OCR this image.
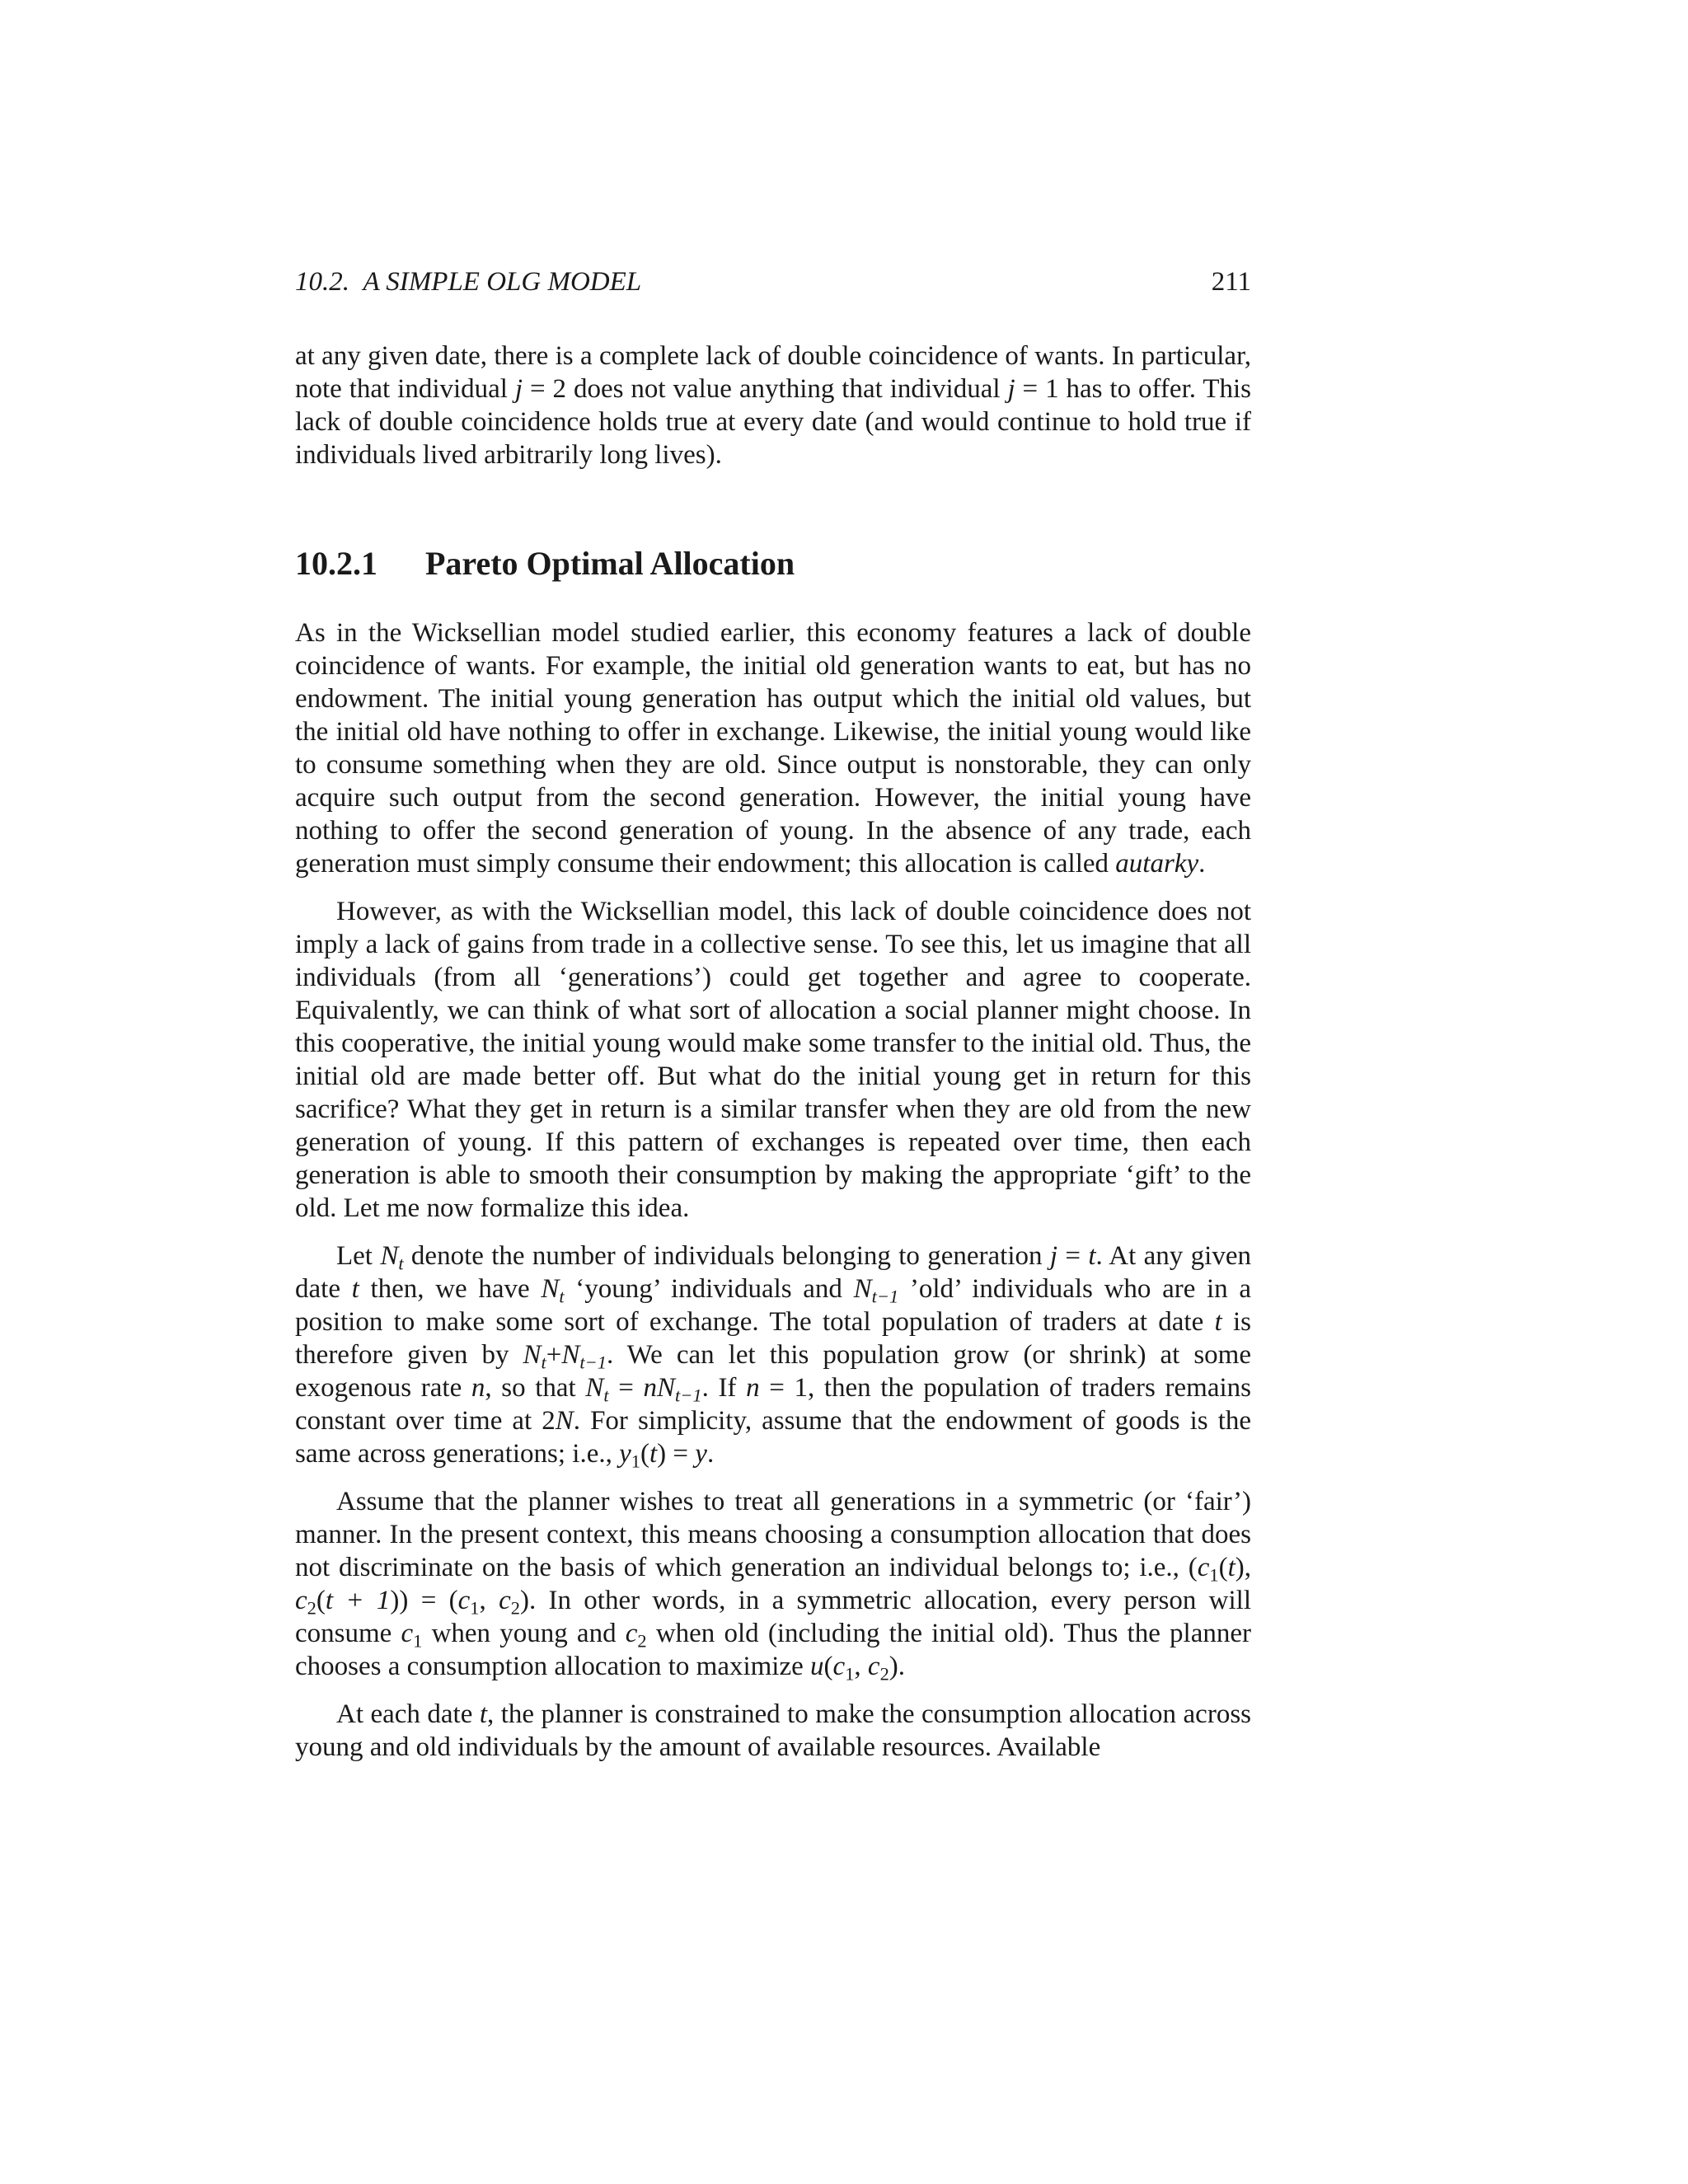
10.2. A SIMPLE OLG MODEL	211

at any given date, there is a complete lack of double coincidence of wants. In particular, note that individual j = 2 does not value anything that individual j = 1 has to offer. This lack of double coincidence holds true at every date (and would continue to hold true if individuals lived arbitrarily long lives).

10.2.1 Pareto Optimal Allocation

As in the Wicksellian model studied earlier, this economy features a lack of double coincidence of wants. For example, the initial old generation wants to eat, but has no endowment. The initial young generation has output which the initial old values, but the initial old have nothing to offer in exchange. Likewise, the initial young would like to consume something when they are old. Since output is nonstorable, they can only acquire such output from the second generation. However, the initial young have nothing to offer the second generation of young. In the absence of any trade, each generation must simply consume their endowment; this allocation is called autarky.

However, as with the Wicksellian model, this lack of double coincidence does not imply a lack of gains from trade in a collective sense. To see this, let us imagine that all individuals (from all ‘generations’) could get together and agree to cooperate. Equivalently, we can think of what sort of allocation a social planner might choose. In this cooperative, the initial young would make some transfer to the initial old. Thus, the initial old are made better off. But what do the initial young get in return for this sacrifice? What they get in return is a similar transfer when they are old from the new generation of young. If this pattern of exchanges is repeated over time, then each generation is able to smooth their consumption by making the appropriate ‘gift’ to the old. Let me now formalize this idea.

Let $N_t$ denote the number of individuals belonging to generation j = t. At any given date t then, we have $N_t$ ‘young’ individuals and $N_{t-1}$ ’old’ individuals who are in a position to make some sort of exchange. The total population of traders at date t is therefore given by $N_t+N_{t-1}$. We can let this population grow (or shrink) at some exogenous rate n, so that $N_t = nN_{t-1}$. If n = 1, then the population of traders remains constant over time at 2N. For simplicity, assume that the endowment of goods is the same across generations; i.e., $y_1(t) = y$.

Assume that the planner wishes to treat all generations in a symmetric (or ‘fair’) manner. In the present context, this means choosing a consumption allocation that does not discriminate on the basis of which generation an individual belongs to; i.e., ($c_1(t)$, $c_2(t + 1)) = (c_1$, $c_2$). In other words, in a symmetric allocation, every person will consume $c_1$ when young and $c_2$ when old (including the initial old). Thus the planner chooses a consumption allocation to maximize $u(c_1$, $c_2$).

At each date t, the planner is constrained to make the consumption allocation across young and old individuals by the amount of available resources. Available
